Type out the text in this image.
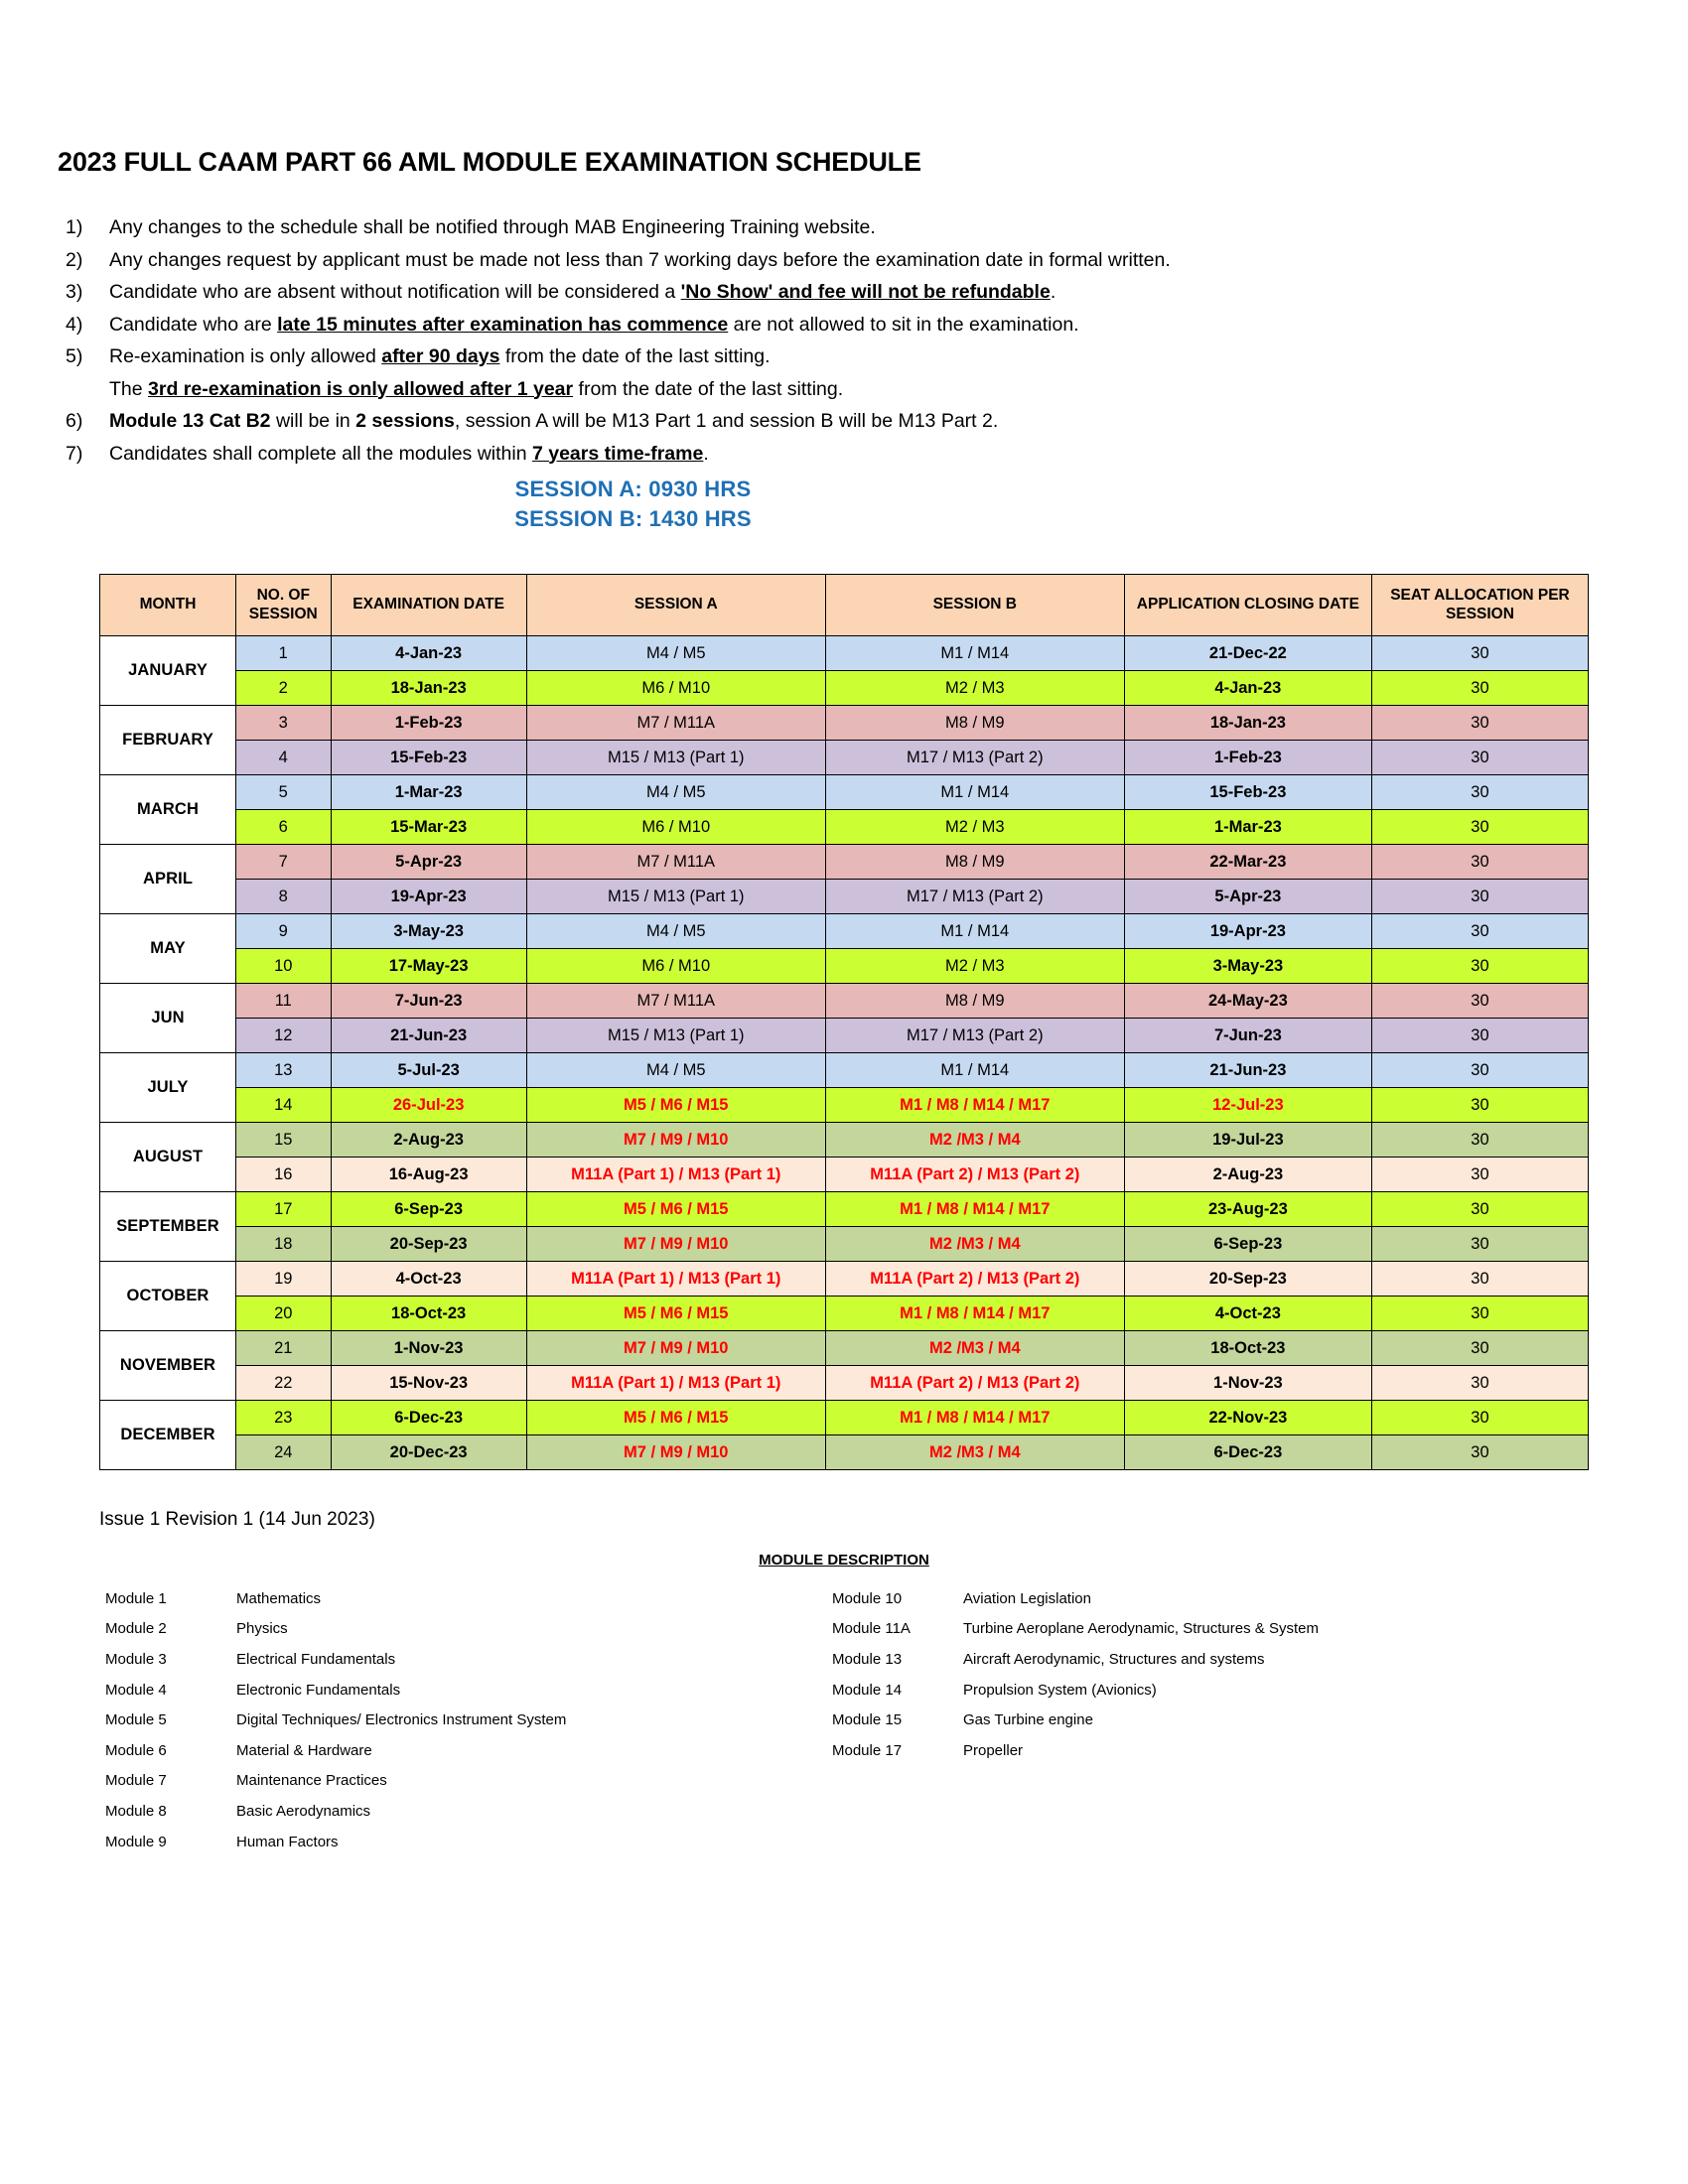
2023 FULL CAAM PART 66 AML MODULE EXAMINATION SCHEDULE
1)	Any changes to the schedule shall be notified through MAB Engineering Training website.
2)	Any changes request by applicant must be made not less than 7 working days before the examination date in formal written.
3)	Candidate who are absent without notification will be considered a 'No Show' and fee will not be refundable.
4)	Candidate who are late 15 minutes after examination has commence are not allowed to sit in the examination.
5)	Re-examination is only allowed after 90 days from the date of the last sitting.
The 3rd re-examination is only allowed after 1 year from the date of the last sitting.
6)	Module 13 Cat B2 will be in 2 sessions, session A will be M13 Part 1 and session B will be M13 Part 2.
7)	Candidates shall complete all the modules within 7 years time-frame.
SESSION A: 0930 HRS
SESSION B: 1430 HRS
MONTH	NO. OF SESSION	EXAMINATION DATE	SESSION A	SESSION B	APPLICATION CLOSING DATE	SEAT ALLOCATION PER SESSION
JANUARY	1	4-Jan-23	M4 / M5	M1 / M14	21-Dec-22	30
	2	18-Jan-23	M6 / M10	M2 / M3	4-Jan-23	30
FEBRUARY	3	1-Feb-23	M7 / M11A	M8 / M9	18-Jan-23	30
	4	15-Feb-23	M15 / M13 (Part 1)	M17 / M13 (Part 2)	1-Feb-23	30
MARCH	5	1-Mar-23	M4 / M5	M1 / M14	15-Feb-23	30
	6	15-Mar-23	M6 / M10	M2 / M3	1-Mar-23	30
APRIL	7	5-Apr-23	M7 / M11A	M8 / M9	22-Mar-23	30
	8	19-Apr-23	M15 / M13 (Part 1)	M17 / M13 (Part 2)	5-Apr-23	30
MAY	9	3-May-23	M4 / M5	M1 / M14	19-Apr-23	30
	10	17-May-23	M6 / M10	M2 / M3	3-May-23	30
JUN	11	7-Jun-23	M7 / M11A	M8 / M9	24-May-23	30
	12	21-Jun-23	M15 / M13 (Part 1)	M17 / M13 (Part 2)	7-Jun-23	30
JULY	13	5-Jul-23	M4 / M5	M1 / M14	21-Jun-23	30
	14	26-Jul-23	M5 / M6 / M15	M1 / M8 / M14 / M17	12-Jul-23	30
AUGUST	15	2-Aug-23	M7 / M9 / M10	M2 /M3 / M4	19-Jul-23	30
	16	16-Aug-23	M11A (Part 1) / M13 (Part 1)	M11A (Part 2) / M13 (Part 2)	2-Aug-23	30
SEPTEMBER	17	6-Sep-23	M5 / M6 / M15	M1 / M8 / M14 / M17	23-Aug-23	30
	18	20-Sep-23	M7 / M9 / M10	M2 /M3 / M4	6-Sep-23	30
OCTOBER	19	4-Oct-23	M11A (Part 1) / M13 (Part 1)	M11A (Part 2) / M13 (Part 2)	20-Sep-23	30
	20	18-Oct-23	M5 / M6 / M15	M1 / M8 / M14 / M17	4-Oct-23	30
NOVEMBER	21	1-Nov-23	M7 / M9 / M10	M2 /M3 / M4	18-Oct-23	30
	22	15-Nov-23	M11A (Part 1) / M13 (Part 1)	M11A (Part 2) / M13 (Part 2)	1-Nov-23	30
DECEMBER	23	6-Dec-23	M5 / M6 / M15	M1 / M8 / M14 / M17	22-Nov-23	30
	24	20-Dec-23	M7 / M9 / M10	M2 /M3 / M4	6-Dec-23	30
Issue 1 Revision 1 (14 Jun 2023)
MODULE DESCRIPTION
Module 1	Mathematics
Module 2	Physics
Module 3	Electrical Fundamentals
Module 4	Electronic Fundamentals
Module 5	Digital Techniques/ Electronics Instrument System
Module 6	Material & Hardware
Module 7	Maintenance Practices
Module 8	Basic Aerodynamics
Module 9	Human Factors
Module 10	Aviation Legislation
Module 11A	Turbine Aeroplane Aerodynamic, Structures & System
Module 13	Aircraft Aerodynamic, Structures and systems
Module 14	Propulsion System (Avionics)
Module 15	Gas Turbine engine
Module 17	Propeller
